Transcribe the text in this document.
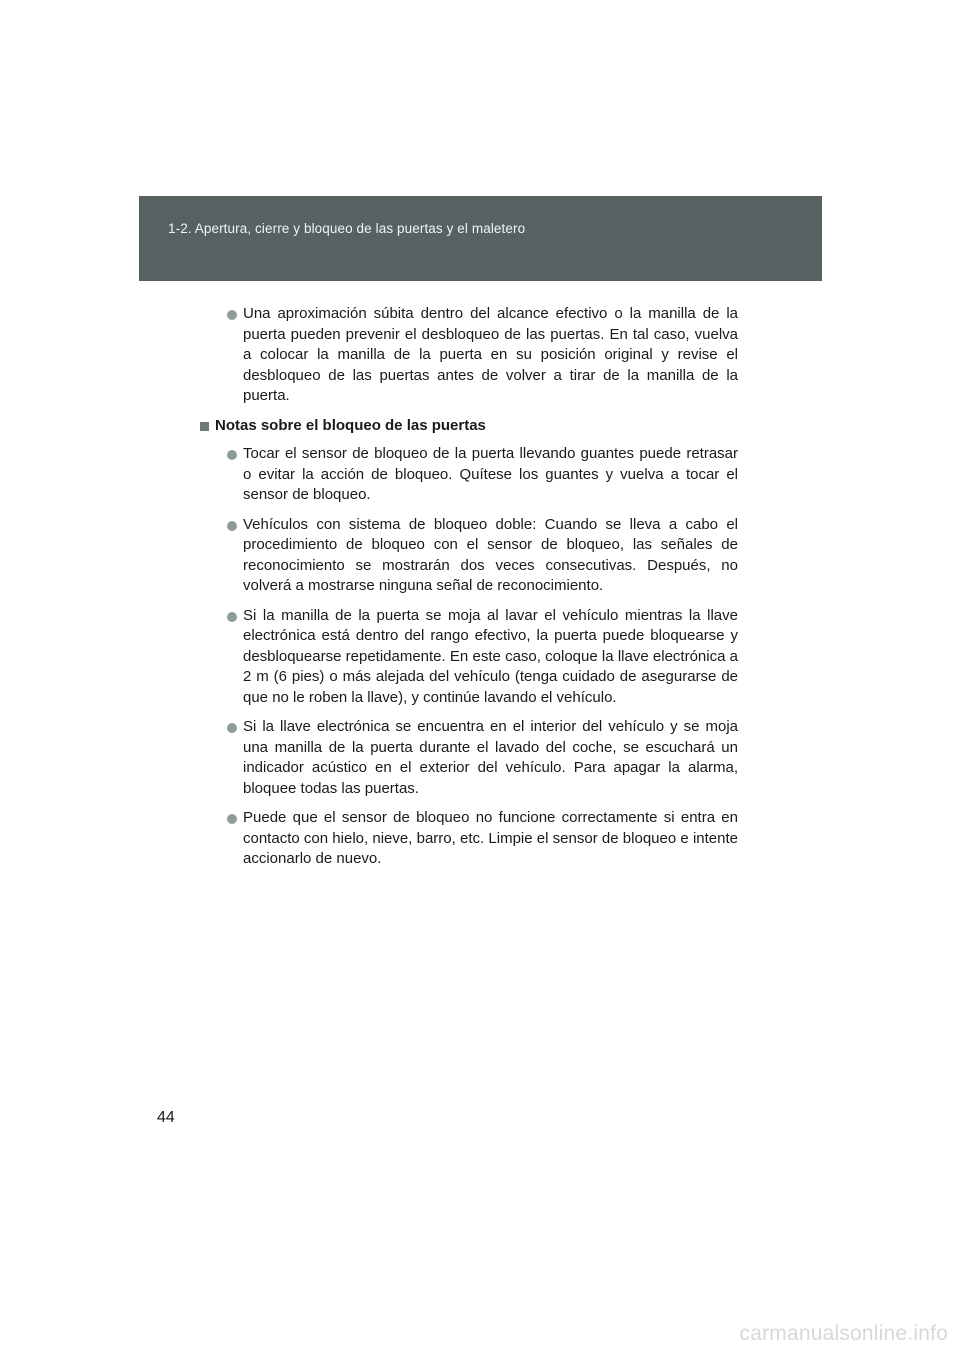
1-2. Apertura, cierre y bloqueo de las puertas y el maletero
Una aproximación súbita dentro del alcance efectivo o la manilla de la puerta pueden prevenir el desbloqueo de las puertas. En tal caso, vuelva a colocar la manilla de la puerta en su posición original y revise el desbloqueo de las puertas antes de volver a tirar de la manilla de la puerta.
Notas sobre el bloqueo de las puertas
Tocar el sensor de bloqueo de la puerta llevando guantes puede retrasar o evitar la acción de bloqueo. Quítese los guantes y vuelva a tocar el sensor de bloqueo.
Vehículos con sistema de bloqueo doble: Cuando se lleva a cabo el procedimiento de bloqueo con el sensor de bloqueo, las señales de reconocimiento se mostrarán dos veces consecutivas. Después, no volverá a mostrarse ninguna señal de reconocimiento.
Si la manilla de la puerta se moja al lavar el vehículo mientras la llave electrónica está dentro del rango efectivo, la puerta puede bloquearse y desbloquearse repetidamente. En este caso, coloque la llave electrónica a 2 m (6 pies) o más alejada del vehículo (tenga cuidado de asegurarse de que no le roben la llave), y continúe lavando el vehículo.
Si la llave electrónica se encuentra en el interior del vehículo y se moja una manilla de la puerta durante el lavado del coche, se escuchará un indicador acústico en el exterior del vehículo. Para apagar la alarma, bloquee todas las puertas.
Puede que el sensor de bloqueo no funcione correctamente si entra en contacto con hielo, nieve, barro, etc. Limpie el sensor de bloqueo e intente accionarlo de nuevo.
44
carmanualsonline.info
